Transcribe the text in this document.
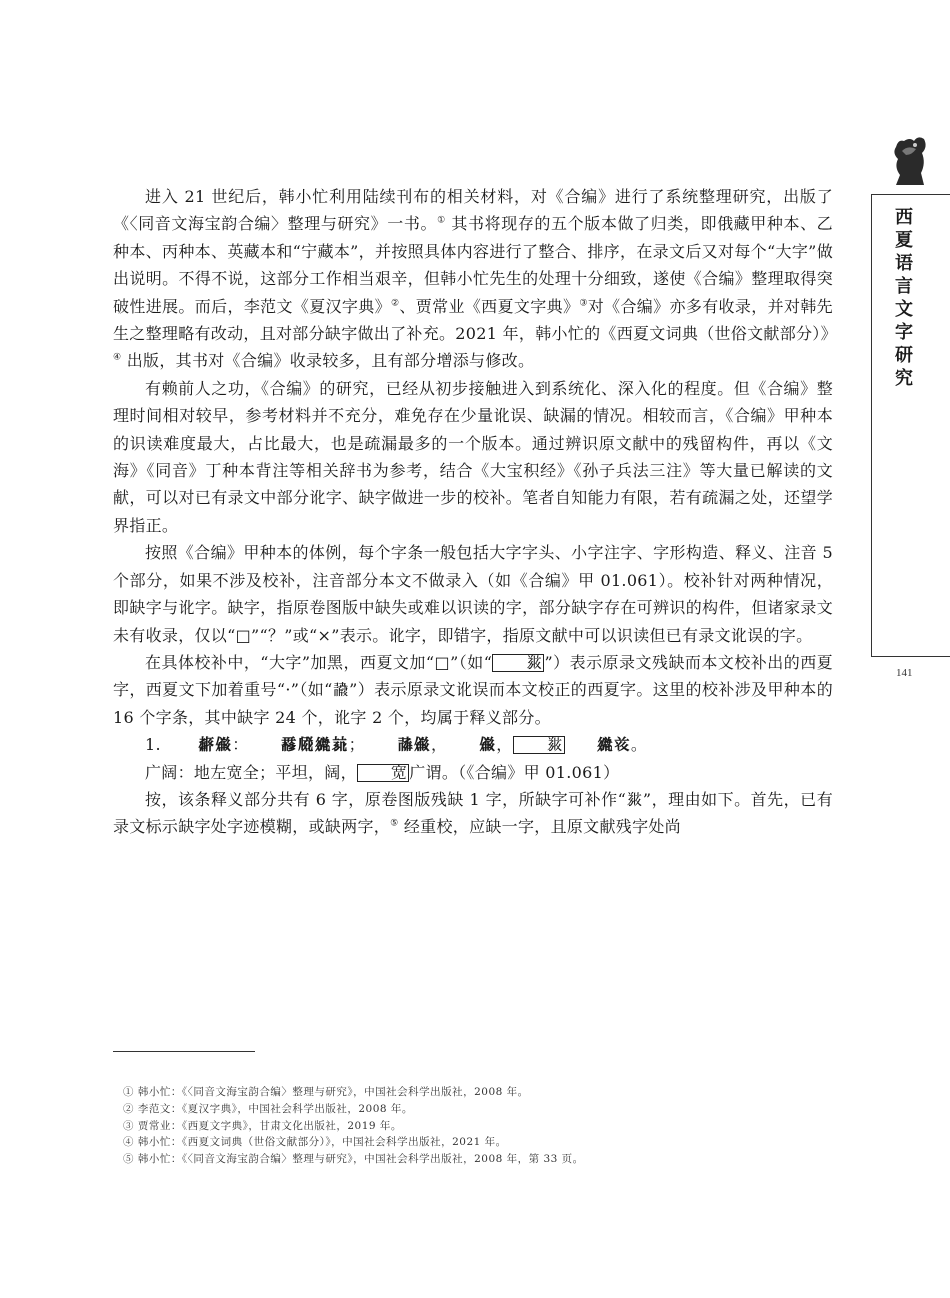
西
夏
语
言
文
字
研
究
141

进入 21 世纪后，韩小忙利用陆续刊布的相关材料，对《合编》进行了系统整理研究，出版了《〈同音文海宝韵合编〉整理与研究》一书。① 其书将现存的五个版本做了归类，即俄藏甲种本、乙种本、丙种本、英藏本和“宁藏本”，并按照具体内容进行了整合、排序，在录文后又对每个“大字”做出说明。不得不说，这部分工作相当艰辛，但韩小忙先生的处理十分细致，遂使《合编》整理取得突破性进展。而后，李范文《夏汉字典》②、贾常业《西夏文字典》③对《合编》亦多有收录，并对韩先生之整理略有改动，且对部分缺字做出了补充。2021 年，韩小忙的《西夏文词典（世俗文献部分）》④ 出版，其书对《合编》收录较多，且有部分增添与修改。

有赖前人之功，《合编》的研究，已经从初步接触进入到系统化、深入化的程度。但《合编》整理时间相对较早，参考材料并不充分，难免存在少量讹误、缺漏的情况。相较而言，《合编》甲种本的识读难度最大，占比最大，也是疏漏最多的一个版本。通过辨识原文献中的残留构件，再以《文海》《同音》丁种本背注等相关辞书为参考，结合《大宝积经》《孙子兵法三注》等大量已解读的文献，可以对已有录文中部分讹字、缺字做进一步的校补。笔者自知能力有限，若有疏漏之处，还望学界指正。

按照《合编》甲种本的体例，每个字条一般包括大字字头、小字注字、字形构造、释义、注音 5 个部分，如果不涉及校补，注音部分本文不做录入（如《合编》甲 01.061）。校补针对两种情况，即缺字与讹字。缺字，指原卷图版中缺失或难以识读的字，部分缺字存在可辨识的构件，但诸家录文未有收录，仅以“□”“？”或“×”表示。讹字，即错字，指原文献中可以识读但已有录文讹误的字。

在具体校补中，“大字”加黑，西夏文加“□”（如“ 𗯴 ”）表示原录文残缺而本文校补出的西夏字，西夏文下加着重号“·”（如“𘄒”）表示原录文讹误而本文校正的西夏字。这里的校补涉及甲种本的 16 个字条，其中缺字 24 个，讹字 2 个，均属于释义部分。

1. 𘓄𗏹： 𗵒𗆧𗫨𗭪； 𗰜𗏹， 𗏹， 𗯴 𗫨𘝞。

广阔：地左宽全；平坦，阔， 宽 广谓。（《合编》甲 01.061）

按，该条释义部分共有 6 字，原卷图版残缺 1 字，所缺字可补作“𗯴”，理由如下。首先，已有录文标示缺字处字迹模糊，或缺两字，⑤ 经重校，应缺一字，且原文献残字处尚

① 韩小忙：《〈同音文海宝韵合编〉整理与研究》，中国社会科学出版社，2008 年。
② 李范文：《夏汉字典》，中国社会科学出版社，2008 年。
③ 贾常业：《西夏文字典》，甘肃文化出版社，2019 年。
④ 韩小忙：《西夏文词典（世俗文献部分）》，中国社会科学出版社，2021 年。
⑤ 韩小忙：《〈同音文海宝韵合编〉整理与研究》，中国社会科学出版社，2008 年，第 33 页。
